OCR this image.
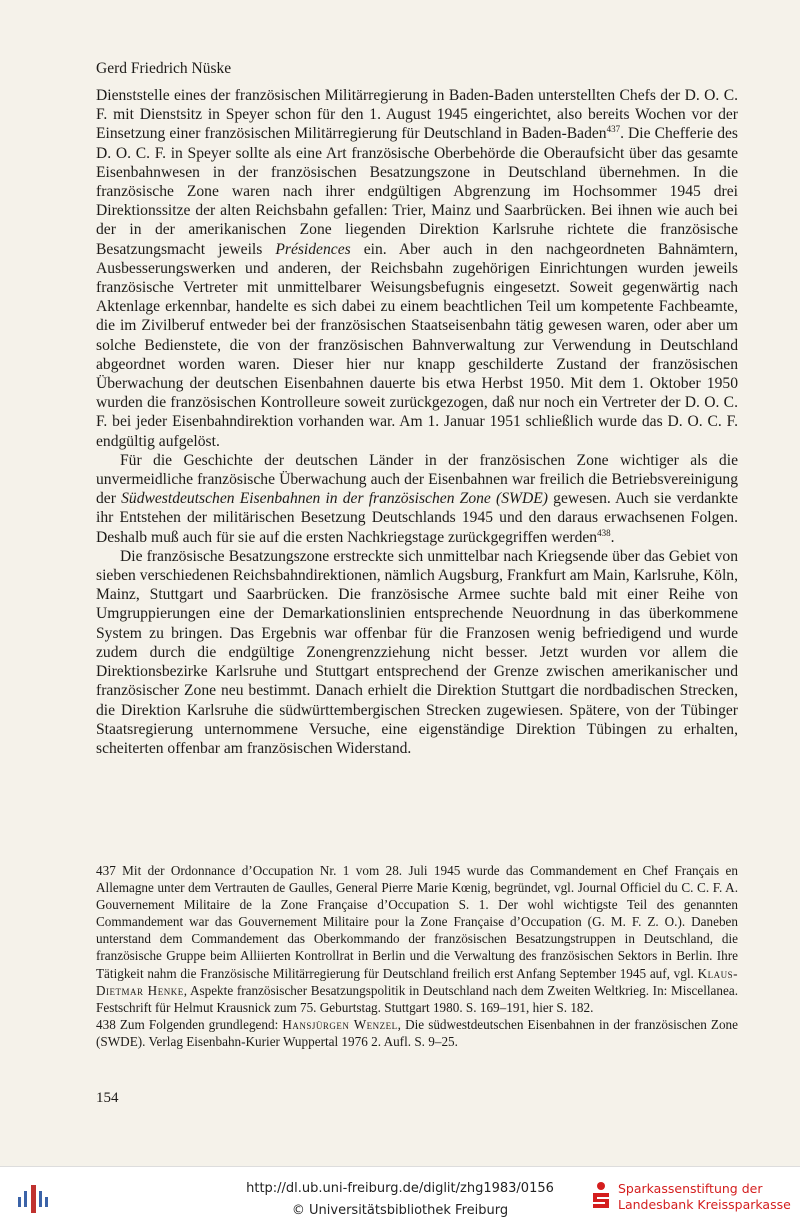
Gerd Friedrich Nüske

Dienststelle eines der französischen Militärregierung in Baden-Baden unterstellten Chefs der D. O. C. F. mit Dienstsitz in Speyer schon für den 1. August 1945 eingerichtet, also bereits Wochen vor der Einsetzung einer französischen Militärregierung für Deutschland in Baden-Baden$^{437}$. Die Chefferie des D. O. C. F. in Speyer sollte als eine Art französische Oberbehörde die Oberaufsicht über das gesamte Eisenbahnwesen in der französischen Besatzungszone in Deutschland übernehmen. In die französische Zone waren nach ihrer endgültigen Abgrenzung im Hochsommer 1945 drei Direktionssitze der alten Reichsbahn gefallen: Trier, Mainz und Saarbrücken. Bei ihnen wie auch bei der in der amerikanischen Zone liegenden Direktion Karlsruhe richtete die französische Besatzungsmacht jeweils Présidences ein. Aber auch in den nachgeordneten Bahnämtern, Ausbesserungswerken und anderen, der Reichsbahn zugehörigen Einrichtungen wurden jeweils französische Vertreter mit unmittelbarer Weisungsbefugnis eingesetzt. Soweit gegenwärtig nach Aktenlage erkennbar, handelte es sich dabei zu einem beachtlichen Teil um kompetente Fachbeamte, die im Zivilberuf entweder bei der französischen Staatseisenbahn tätig gewesen waren, oder aber um solche Bedienstete, die von der französischen Bahnverwaltung zur Verwendung in Deutschland abgeordnet worden waren. Dieser hier nur knapp geschilderte Zustand der französischen Überwachung der deutschen Eisenbahnen dauerte bis etwa Herbst 1950. Mit dem 1. Oktober 1950 wurden die französischen Kontrolleure soweit zurückgezogen, daß nur noch ein Vertreter der D. O. C. F. bei jeder Eisenbahndirektion vorhanden war. Am 1. Januar 1951 schließlich wurde das D. O. C. F. endgültig aufgelöst.

Für die Geschichte der deutschen Länder in der französischen Zone wichtiger als die unvermeidliche französische Überwachung auch der Eisenbahnen war freilich die Betriebsvereinigung der Südwestdeutschen Eisenbahnen in der französischen Zone (SWDE) gewesen. Auch sie verdankte ihr Entstehen der militärischen Besetzung Deutschlands 1945 und den daraus erwachsenen Folgen. Deshalb muß auch für sie auf die ersten Nachkriegstage zurückgegriffen werden$^{438}$.

Die französische Besatzungszone erstreckte sich unmittelbar nach Kriegsende über das Gebiet von sieben verschiedenen Reichsbahndirektionen, nämlich Augsburg, Frankfurt am Main, Karlsruhe, Köln, Mainz, Stuttgart und Saarbrücken. Die französische Armee suchte bald mit einer Reihe von Umgruppierungen eine der Demarkationslinien entsprechende Neuordnung in das überkommene System zu bringen. Das Ergebnis war offenbar für die Franzosen wenig befriedigend und wurde zudem durch die endgültige Zonengrenzziehung nicht besser. Jetzt wurden vor allem die Direktionsbezirke Karlsruhe und Stuttgart entsprechend der Grenze zwischen amerikanischer und französischer Zone neu bestimmt. Danach erhielt die Direktion Stuttgart die nordbadischen Strecken, die Direktion Karlsruhe die südwürttembergischen Strecken zugewiesen. Spätere, von der Tübinger Staatsregierung unternommene Versuche, eine eigenständige Direktion Tübingen zu erhalten, scheiterten offenbar am französischen Widerstand.

437 Mit der Ordonnance d’Occupation Nr. 1 vom 28. Juli 1945 wurde das Commandement en Chef Français en Allemagne unter dem Vertrauten de Gaulles, General Pierre Marie Kœnig, begründet, vgl. Journal Officiel du C. C. F. A. Gouvernement Militaire de la Zone Française d’Occupation S. 1. Der wohl wichtigste Teil des genannten Commandement war das Gouvernement Militaire pour la Zone Française d’Occupation (G. M. F. Z. O.). Daneben unterstand dem Commandement das Oberkommando der französischen Besatzungstruppen in Deutschland, die französische Gruppe beim Alliierten Kontrollrat in Berlin und die Verwaltung des französischen Sektors in Berlin. Ihre Tätigkeit nahm die Französische Militärregierung für Deutschland freilich erst Anfang September 1945 auf, vgl. Klaus-Dietmar Henke, Aspekte französischer Besatzungspolitik in Deutschland nach dem Zweiten Weltkrieg. In: Miscellanea. Festschrift für Helmut Krausnick zum 75. Geburtstag. Stuttgart 1980. S. 169–191, hier S. 182.

438 Zum Folgenden grundlegend: Hansjürgen Wenzel, Die südwestdeutschen Eisenbahnen in der französischen Zone (SWDE). Verlag Eisenbahn-Kurier Wuppertal 1976 2. Aufl. S. 9–25.

154
http://dl.ub.uni-freiburg.de/diglit/zhg1983/0156
© Universitätsbibliothek Freiburg
Sparkassenstiftung der
Landesbank Kreissparkasse
